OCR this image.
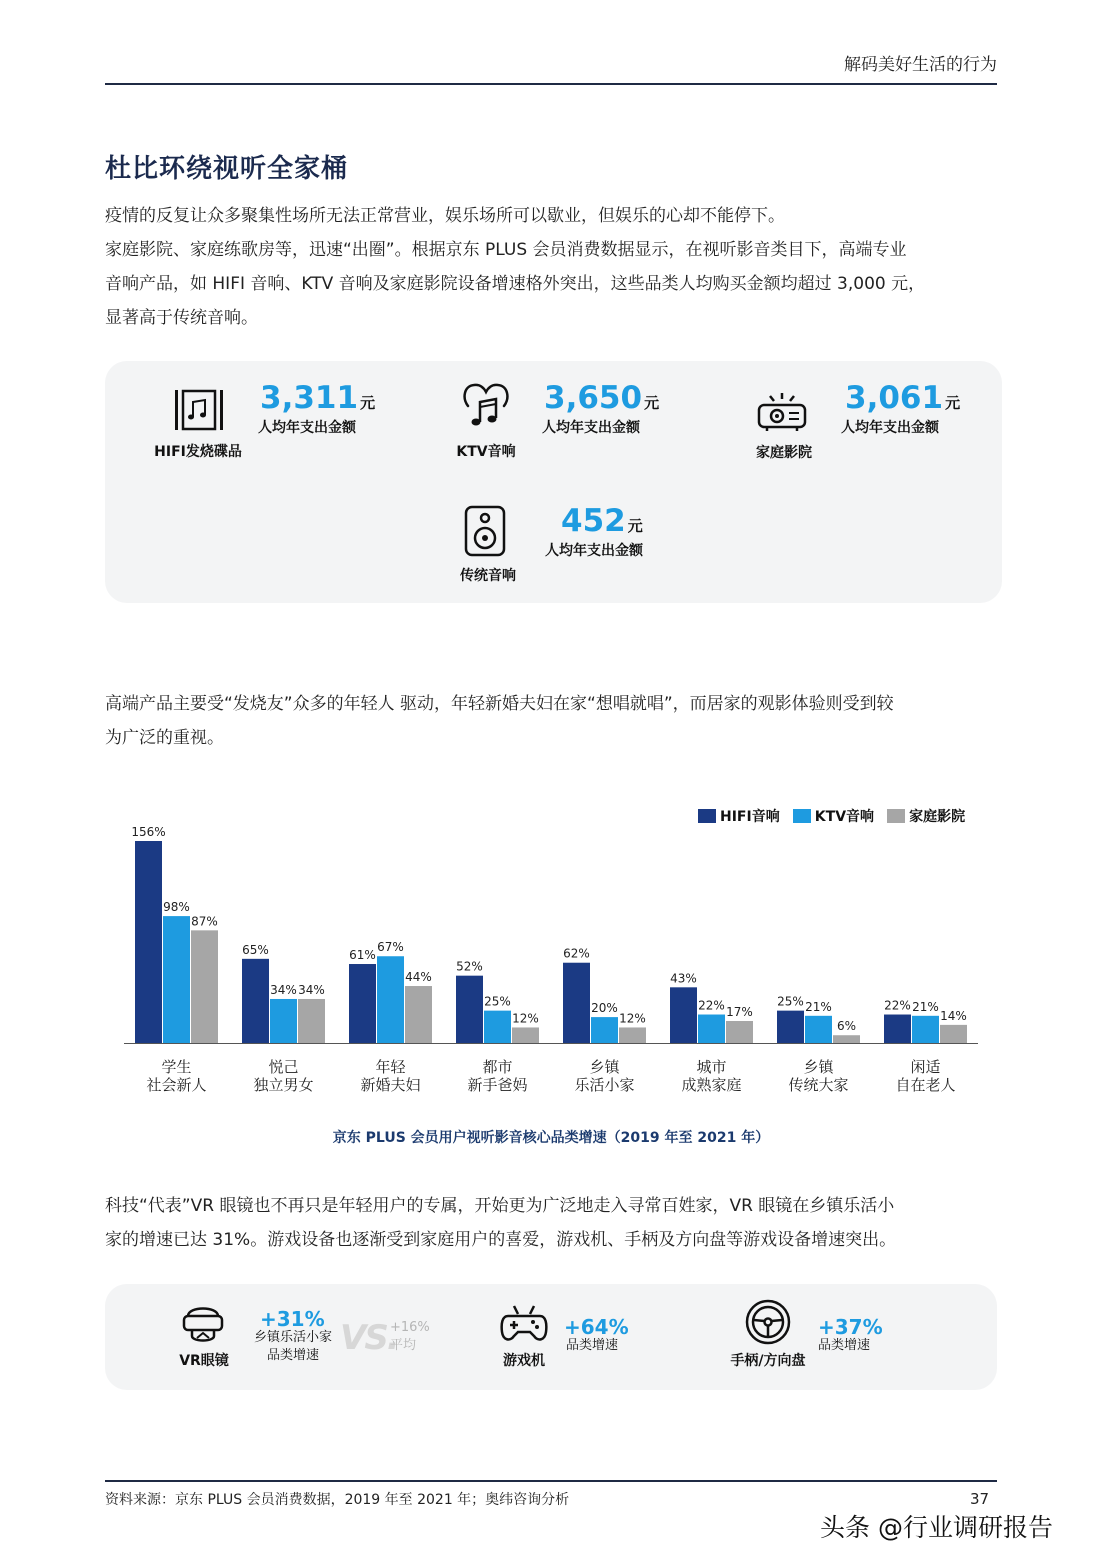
解码美好生活的行为
杜比环绕视听全家桶
疫情的反复让众多聚集性场所无法正常营业，娱乐场所可以歇业，但娱乐的心却不能停下。
家庭影院、家庭练歌房等，迅速“出圈”。根据京东 PLUS 会员消费数据显示，在视听影音类目下，高端专业
音响产品，如 HIFI 音响、KTV 音响及家庭影院设备增速格外突出，这些品类人均购买金额均超过 3,000 元，
显著高于传统音响。
HIFI发烧碟品
3,311 元
人均年支出金额
KTV音响
3,650 元
人均年支出金额
家庭影院
3,061 元
人均年支出金额
传统音响
452 元
人均年支出金额
高端产品主要受“发烧友”众多的年轻人 驱动，年轻新婚夫妇在家“想唱就唱”，而居家的观影体验则受到较
为广泛的重视。
HIFI音响	KTV音响	家庭影院
156%
98%
87%
学生
社会新人
65%
34% 34%
悦己
独立男女
61%
67%
44%
年轻
新婚夫妇
52%
25%
12%
都市
新手爸妈
62%
20%
12%
乡镇
乐活小家
43%
22% 17%
城市
成熟家庭
25% 21%
6%
乡镇
传统大家
22% 21%
14%
闲适
自在老人
京东 PLUS 会员用户视听影音核心品类增速（2019 年至 2021 年）
科技“代表”VR 眼镜也不再只是年轻用户的专属，开始更为广泛地走入寻常百姓家，VR 眼镜在乡镇乐活小
家的增速已达 31%。游戏设备也逐渐受到家庭用户的喜爱，游戏机、手柄及方向盘等游戏设备增速突出。
VR眼镜
+31%
乡镇乐活小家
品类增速 VS.
+16%
平均
游戏机
+64%
品类增速
手柄/方向盘
+37%
品类增速
资料来源：京东 PLUS 会员消费数据，2019 年至 2021 年；奥纬咨询分析	37
头条 @行业调研报告
